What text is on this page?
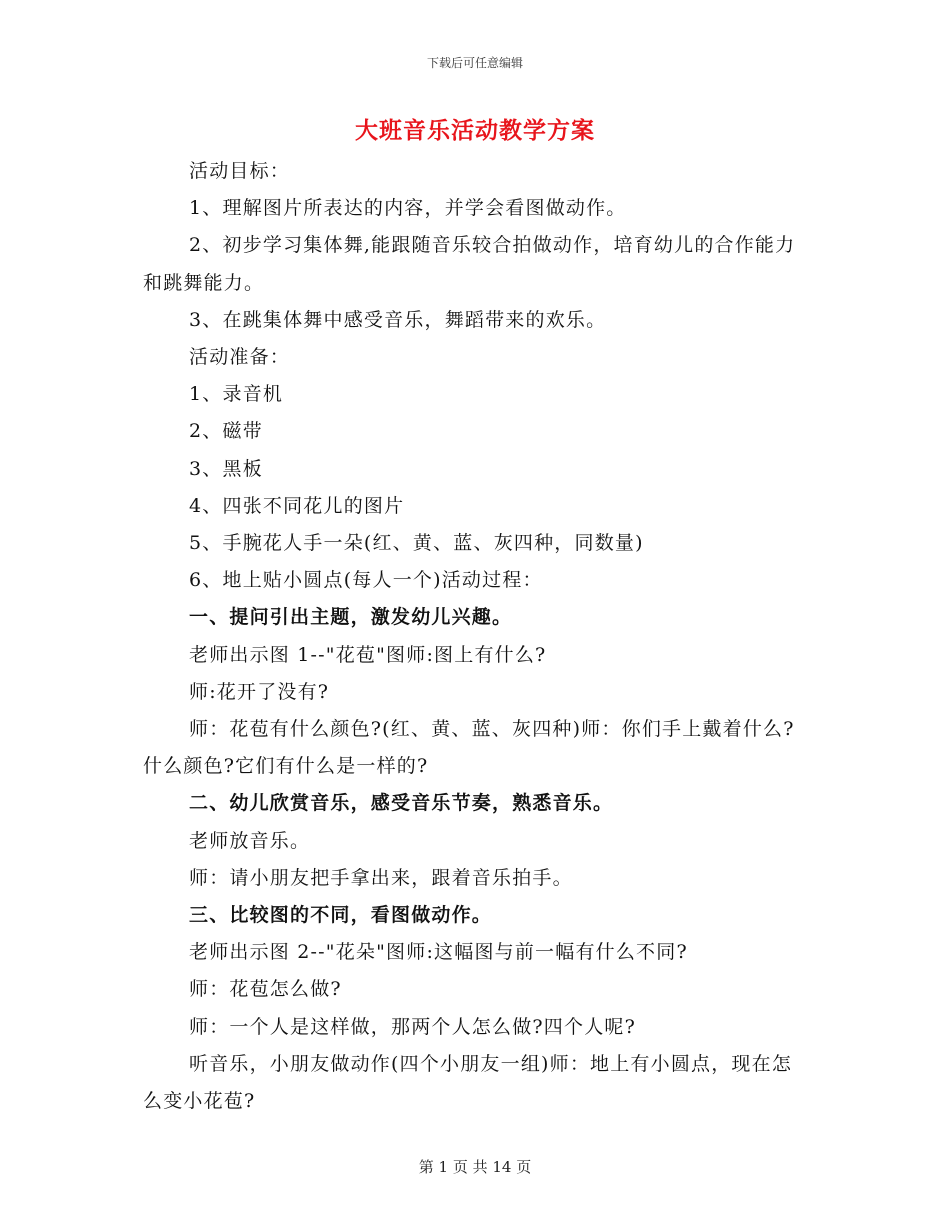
下载后可任意编辑
大班音乐活动教学方案

活动目标：

1、理解图片所表达的内容，并学会看图做动作。

2、初步学习集体舞,能跟随音乐较合拍做动作，培育幼儿的合作能力和跳舞能力。

3、在跳集体舞中感受音乐，舞蹈带来的欢乐。

活动准备：

1、录音机

2、磁带

3、黑板

4、四张不同花儿的图片

5、手腕花人手一朵(红、黄、蓝、灰四种，同数量)

6、地上贴小圆点(每人一个)活动过程：

一、提问引出主题，激发幼儿兴趣。

老师出示图 1--"花苞"图师:图上有什么?

师:花开了没有?

师：花苞有什么颜色?(红、黄、蓝、灰四种)师：你们手上戴着什么?什么颜色?它们有什么是一样的?

二、幼儿欣赏音乐，感受音乐节奏，熟悉音乐。

老师放音乐。

师：请小朋友把手拿出来，跟着音乐拍手。

三、比较图的不同，看图做动作。

老师出示图 2--"花朵"图师:这幅图与前一幅有什么不同?

师：花苞怎么做?

师：一个人是这样做，那两个人怎么做?四个人呢?

听音乐，小朋友做动作(四个小朋友一组)师：地上有小圆点，现在怎么变小花苞?

第 1 页 共 14 页
